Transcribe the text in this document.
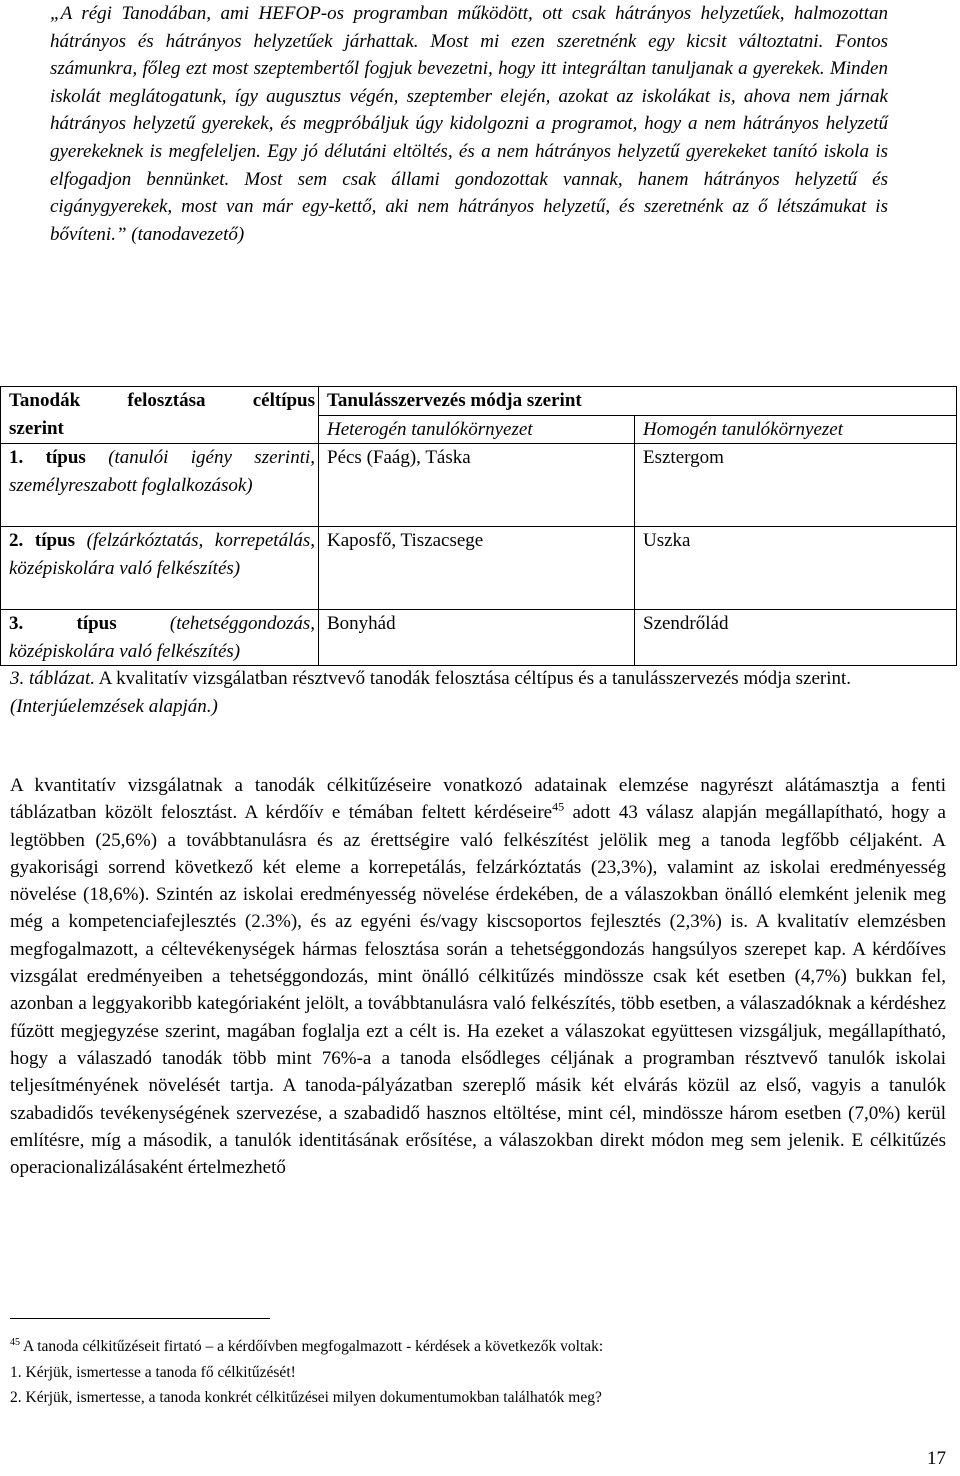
„A régi Tanodában, ami HEFOP-os programban működött, ott csak hátrányos helyzetűek, halmozottan hátrányos és hátrányos helyzetűek járhattak. Most mi ezen szeretnénk egy kicsit változtatni. Fontos számunkra, főleg ezt most szeptembertől fogjuk bevezetni, hogy itt integráltan tanuljanak a gyerekek. Minden iskolát meglátogatunk, így augusztus végén, szeptember elején, azokat az iskolákat is, ahova nem járnak hátrányos helyzetű gyerekek, és megpróbáljuk úgy kidolgozni a programot, hogy a nem hátrányos helyzetű gyerekeknek is megfeleljen. Egy jó délutáni eltöltés, és a nem hátrányos helyzetű gyerekeket tanító iskola is elfogadjon bennünket. Most sem csak állami gondozottak vannak, hanem hátrányos helyzetű és cigánygyerekek, most van már egy-kettő, aki nem hátrányos helyzetű, és szeretnénk az ő létszámukat is bővíteni.” (tanodavezető)

Tanodák felosztása céltípus
szerint	Tanulásszervezés módja szerint	
	Heterogén tanulókörnyezet	Homogén tanulókörnyezet
1. típus (tanulói igény szerinti, személyreszabott foglalkozások)	Pécs (Faág), Táska	Esztergom
2. típus (felzárkóztatás, korrepetálás, középiskolára való felkészítés)	Kaposfő, Tiszacsege	Uszka
3. típus (tehetséggondozás, középiskolára való felkészítés)	Bonyhád	Szendrőlád

3. táblázat. A kvalitatív vizsgálatban résztvevő tanodák felosztása céltípus és a tanulásszervezés módja szerint. (Interjúelemzések alapján.)

A kvantitatív vizsgálatnak a tanodák célkitűzéseire vonatkozó adatainak elemzése nagyrészt alátámasztja a fenti táblázatban közölt felosztást. A kérdőív e témában feltett kérdéseire$^{45}$ adott 43 válasz alapján megállapítható, hogy a legtöbben (25,6%) a továbbtanulásra és az érettségire való felkészítést jelölik meg a tanoda legfőbb céljaként. A gyakorisági sorrend következő két eleme a korrepetálás, felzárkóztatás (23,3%), valamint az iskolai eredményesség növelése (18,6%). Szintén az iskolai eredményesség növelése érdekében, de a válaszokban önálló elemként jelenik meg még a kompetenciafejlesztés (2.3%), és az egyéni és/vagy kiscsoportos fejlesztés (2,3%) is. A kvalitatív elemzésben megfogalmazott, a céltevékenységek hármas felosztása során a tehetséggondozás hangsúlyos szerepet kap. A kérdőíves vizsgálat eredményeiben a tehetséggondozás, mint önálló célkitűzés mindössze csak két esetben (4,7%) bukkan fel, azonban a leggyakoribb kategóriaként jelölt, a továbbtanulásra való felkészítés, több esetben, a válaszadóknak a kérdéshez fűzött megjegyzése szerint, magában foglalja ezt a célt is. Ha ezeket a válaszokat együttesen vizsgáljuk, megállapítható, hogy a válaszadó tanodák több mint 76%-a a tanoda elsődleges céljának a programban résztvevő tanulók iskolai teljesítményének növelését tartja. A tanoda-pályázatban szereplő másik két elvárás közül az első, vagyis a tanulók szabadidős tevékenységének szervezése, a szabadidő hasznos eltöltése, mint cél, mindössze három esetben (7,0%) kerül említésre, míg a második, a tanulók identitásának erősítése, a válaszokban direkt módon meg sem jelenik. E célkitűzés operacionalizálásaként értelmezhető

$^{45}$ A tanoda célkitűzéseit firtató – a kérdőívben megfogalmazott - kérdések a következők voltak:
1. Kérjük, ismertesse a tanoda fő célkitűzését!
2. Kérjük, ismertesse, a tanoda konkrét célkitűzései milyen dokumentumokban találhatók meg?
17
